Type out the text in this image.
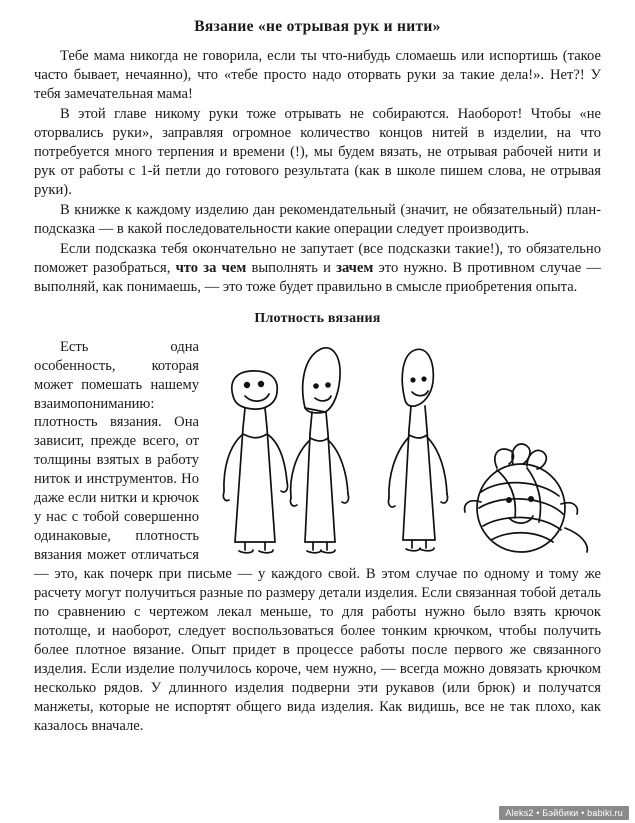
Вязание «не отрывая рук и нити»

Тебе мама никогда не говорила, если ты что-нибудь сломаешь или испортишь (такое часто бывает, нечаянно), что «тебе просто надо оторвать руки за такие дела!». Нет?! У тебя замечательная мама!

В этой главе никому руки тоже отрывать не собираются. Наоборот! Чтобы «не оторвались руки», заправляя огромное количество концов нитей в изделии, на что потребуется много терпения и времени (!), мы будем вязать, не отрывая рабочей нити и рук от работы с 1-й петли до готового результата (как в школе пишем слова, не отрывая руки).

В книжке к каждому изделию дан рекомендательный (значит, не обязательный) план-подсказка — в какой последовательности какие операции следует производить.

Если подсказка тебя окончательно не запутает (все подсказки такие!), то обязательно поможет разобраться, что за чем выполнять и зачем это нужно. В противном случае — выполняй, как понимаешь, — это тоже будет правильно в смысле приобретения опыта.

Плотность вязания

Есть одна особенность, которая может помешать нашему взаимопониманию: плотность вязания. Она зависит, прежде всего, от толщины взятых в работу ниток и инструментов. Но даже если нитки и крючок у нас с тобой совершенно одинаковые, плотность вязания может отличаться — это, как почерк при письме — у каждого свой. В этом случае по одному и тому же расчету могут получиться разные по размеру детали изделия. Если связанная тобой деталь по сравнению с чертежом лекал меньше, то для работы нужно было взять крючок потолще, и наоборот, следует воспользоваться более тонким крючком, чтобы получить более плотное вязание. Опыт придет в процессе работы после первого же связанного изделия. Если изделие получилось короче, чем нужно, — всегда можно довязать крючком несколько рядов. У длинного изделия подверни эти рукавов (или брюк) и получатся манжеты, которые не испортят общего вида изделия. Как видишь, все не так плохо, как казалось вначале.

Aleks2 • Бэйбики • babiki.ru
